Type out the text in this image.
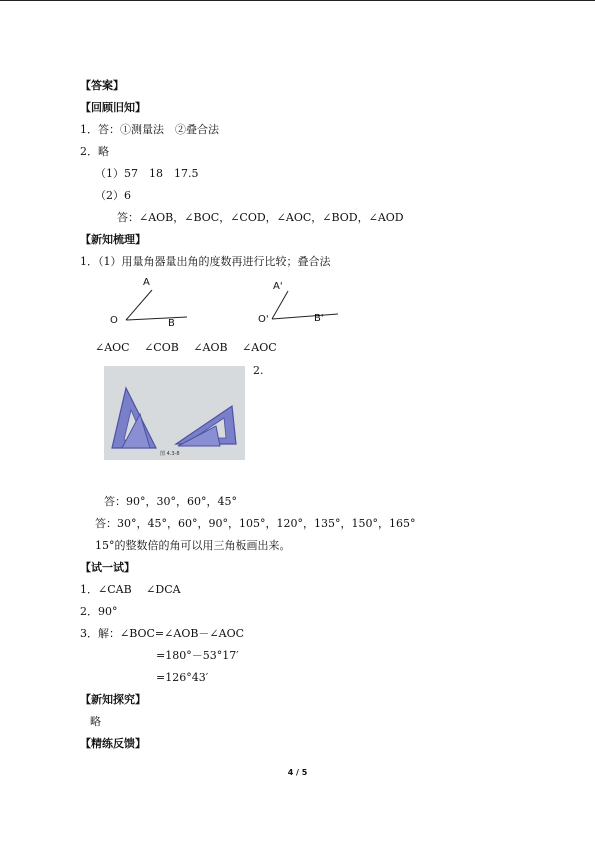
【答案】
【回顾旧知】
1．答：①测量法　②叠合法
2．略
（1）57　18　17.5
（2）6
答：∠AOB，∠BOC，∠COD，∠AOC，∠BOD，∠AOD
【新知梳理】
1．（1）用量角器量出角的度数再进行比较；叠合法
A
O	B
A'
O'	B'
∠AOC　 ∠COB　 ∠AOB　 ∠AOC
图 4.3-8
2.
答：90°，30°，60°，45°
答：30°，45°，60°，90°，105°，120°，135°，150°，165°
15°的整数倍的角可以用三角板画出来。
【试一试】
1．∠CAB　 ∠DCA
2．90°
3．解：∠BOC=∠AOB－∠AOC
=180°－53°17′
=126°43′
【新知探究】
略
【精练反馈】
4 / 5
